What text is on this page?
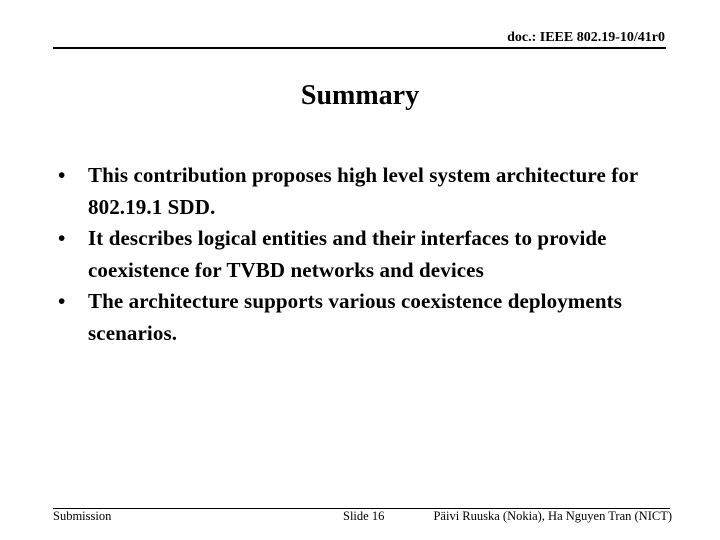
doc.: IEEE 802.19-10/41r0
Summary
•	This contribution proposes high level system architecture for 802.19.1 SDD.
•	It describes logical entities and their interfaces to provide coexistence for TVBD networks and devices
•	The architecture supports various coexistence deployments scenarios.
Submission	Slide 16	Päivi Ruuska (Nokia), Ha Nguyen Tran (NICT)
